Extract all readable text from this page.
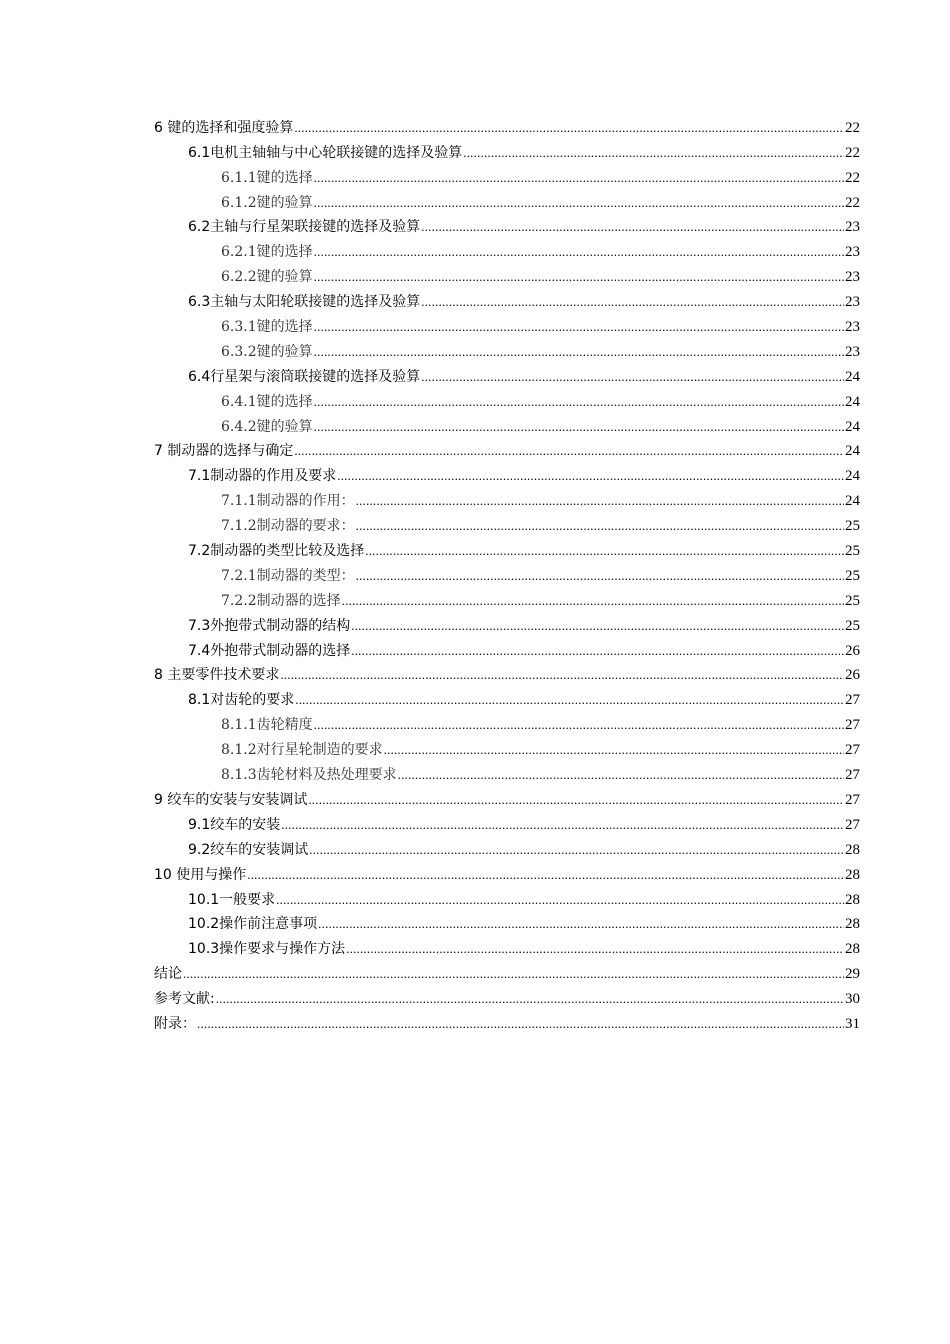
6 键的选择和强度验算 .....	22
6.1电机主轴轴与中心轮联接键的选择及验算 .....	22
6.1.1键的选择 .....	22
6.1.2键的验算 .....	22
6.2主轴与行星架联接键的选择及验算 .....	23
6.2.1键的选择 .....	23
6.2.2键的验算 .....	23
6.3主轴与太阳轮联接键的选择及验算 .....	23
6.3.1键的选择 .....	23
6.3.2键的验算 .....	23
6.4行星架与滚筒联接键的选择及验算 .....	24
6.4.1键的选择 .....	24
6.4.2键的验算 .....	24
7 制动器的选择与确定 .....	24
7.1制动器的作用及要求 .....	24
7.1.1制动器的作用： .....	24
7.1.2制动器的要求： .....	25
7.2制动器的类型比较及选择 .....	25
7.2.1制动器的类型： .....	25
7.2.2制动器的选择 .....	25
7.3外抱带式制动器的结构 .....	25
7.4外抱带式制动器的选择 .....	26
8 主要零件技术要求 .....	26
8.1对齿轮的要求 .....	27
8.1.1齿轮精度 .....	27
8.1.2对行星轮制造的要求 .....	27
8.1.3齿轮材料及热处理要求 .....	27
9 绞车的安装与安装调试 .....	27
9.1绞车的安装 .....	27
9.2绞车的安装调试 .....	28
10 使用与操作 .....	28
10.1一般要求 .....	28
10.2操作前注意事项 .....	28
10.3操作要求与操作方法 .....	28
结论 .....	29
参考文献: .....	30
附录： .....	31
